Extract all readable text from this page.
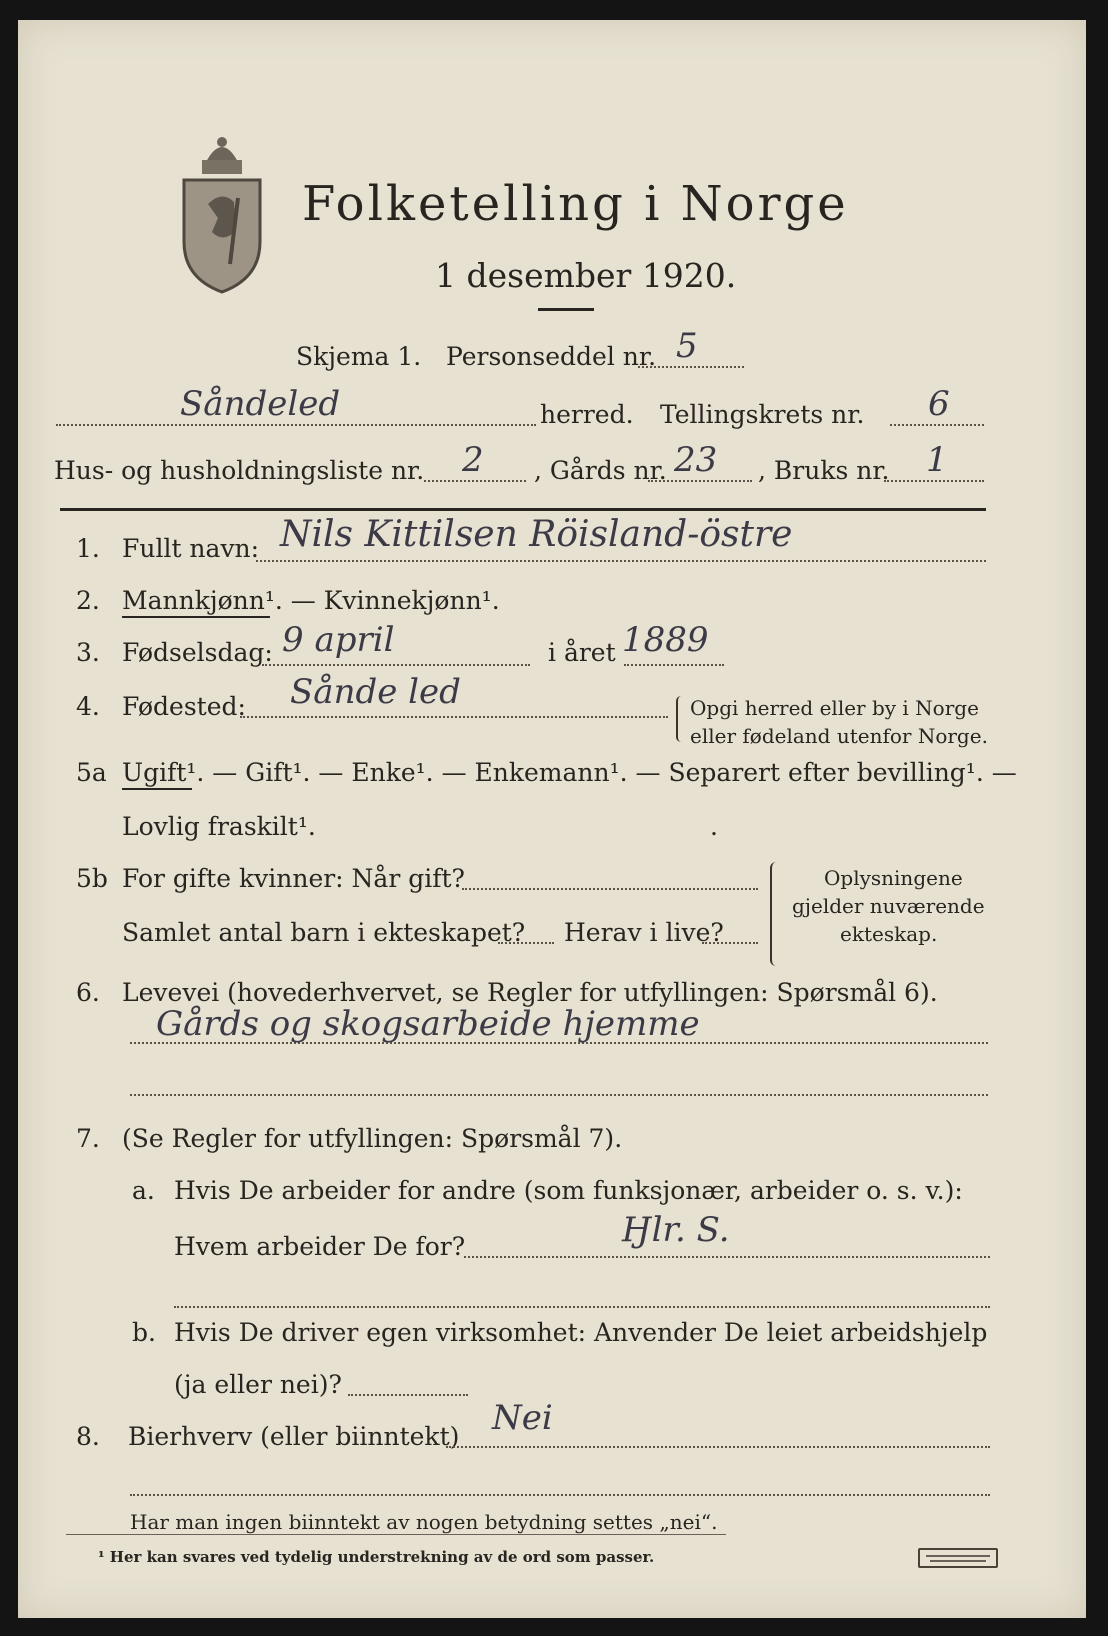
Folketelling i Norge
1 desember 1920.
Skjema 1. Personseddel nr. 5
Såndeled	herred. Tellingskrets nr. 6
Hus- og husholdningsliste nr. 2 , Gårds nr. 23 , Bruks nr. 1
1. Fullt navn: Nils Kittilsen Röisland-östre
2. Mannkjønn¹. — Kvinnekjønn¹.
3. Fødselsdag: 9 april	i året 1889
4. Fødested: Sånde led	Opgi herred eller by i Norge
eller fødeland utenfor Norge.
5a Ugift¹. — Gift¹. — Enke¹. — Enkemann¹. — Separert efter bevilling¹. —
Lovlig fraskilt¹.	.
5b For gifte kvinner: Når gift?
Samlet antal barn i ekteskapet? Herav i live?
Oplysningene
gjelder nuværende
ekteskap.
6. Levevei (hovederhvervet, se Regler for utfyllingen: Spørsmål 6).
Gårds og skogsarbeide hjemme
7. (Se Regler for utfyllingen: Spørsmål 7).
a. Hvis De arbeider for andre (som funksjonær, arbeider o. s. v.):
Hvem arbeider De for?	Ӈlr. S.
b. Hvis De driver egen virksomhet: Anvender De leiet arbeidshjelp
(ja eller nei)?
8. Bierhverv (eller biinntekt) Nei
Har man ingen biinntekt av nogen betydning settes „nei“.
¹ Her kan svares ved tydelig understrekning av de ord som passer.
